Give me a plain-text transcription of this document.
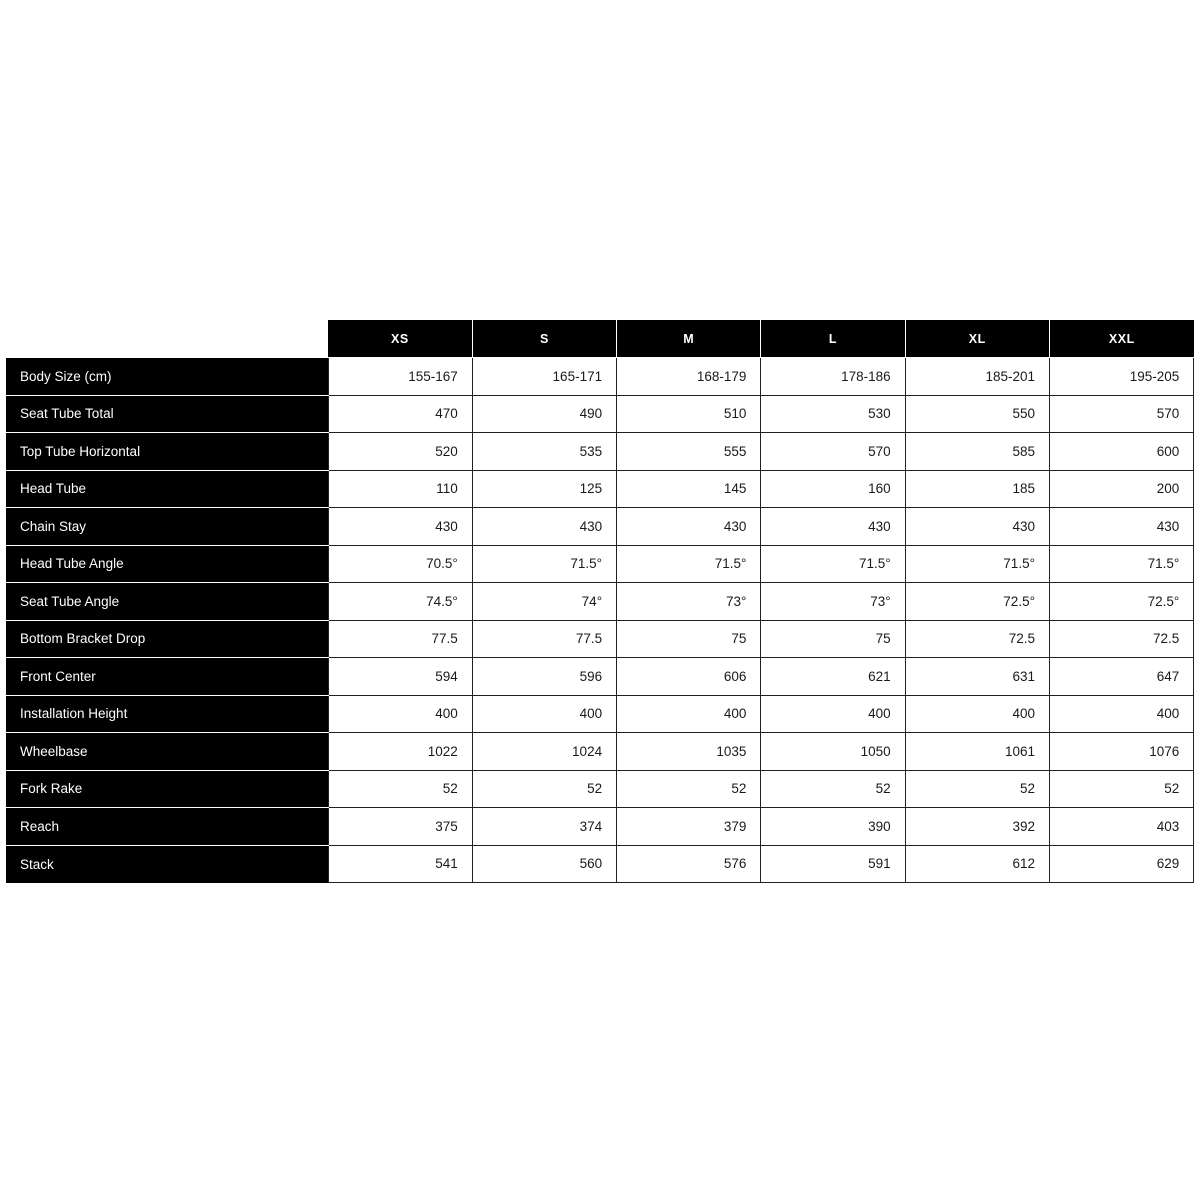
	XS	S	M	L	XL	XXL
Body Size (cm)	155-167	165-171	168-179	178-186	185-201	195-205
Seat Tube Total	470	490	510	530	550	570
Top Tube Horizontal	520	535	555	570	585	600
Head Tube	110	125	145	160	185	200
Chain Stay	430	430	430	430	430	430
Head Tube Angle	70.5°	71.5°	71.5°	71.5°	71.5°	71.5°
Seat Tube Angle	74.5°	74°	73°	73°	72.5°	72.5°
Bottom Bracket Drop	77.5	77.5	75	75	72.5	72.5
Front Center	594	596	606	621	631	647
Installation Height	400	400	400	400	400	400
Wheelbase	1022	1024	1035	1050	1061	1076
Fork Rake	52	52	52	52	52	52
Reach	375	374	379	390	392	403
Stack	541	560	576	591	612	629
